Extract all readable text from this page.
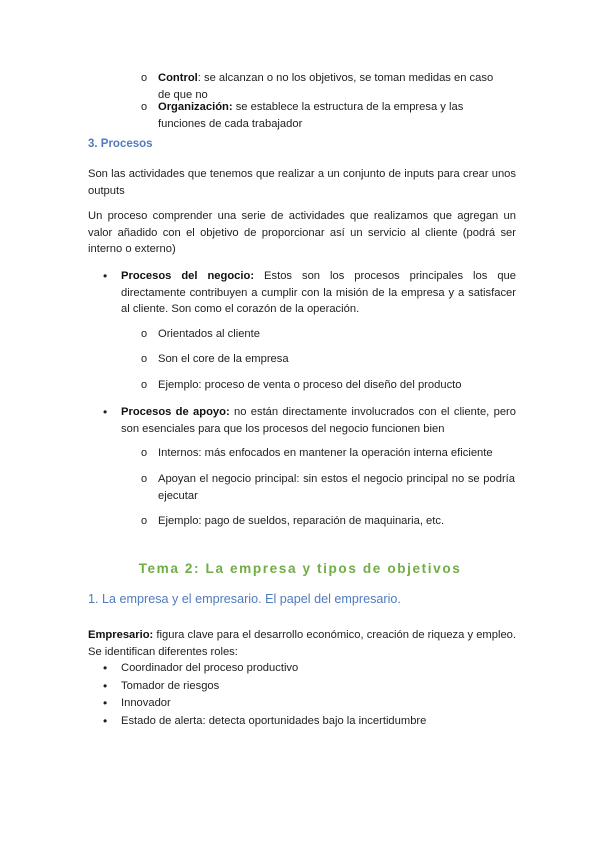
o Control: se alcanzan o no los objetivos, se toman medidas en caso
de que no
o Organización: se establece la estructura de la empresa y las
funciones de cada trabajador
3. Procesos
Son las actividades que tenemos que realizar a un conjunto de inputs para crear unos outputs
Un proceso comprender una serie de actividades que realizamos que agregan un valor añadido con el objetivo de proporcionar así un servicio al cliente (podrá ser interno o externo)
• Procesos del negocio: Estos son los procesos principales los que directamente contribuyen a cumplir con la misión de la empresa y a satisfacer al cliente. Son como el corazón de la operación.
o Orientados al cliente
o Son el core de la empresa
o Ejemplo: proceso de venta o proceso del diseño del producto
• Procesos de apoyo: no están directamente involucrados con el cliente, pero son esenciales para que los procesos del negocio funcionen bien
o Internos: más enfocados en mantener la operación interna eficiente
o Apoyan el negocio principal: sin estos el negocio principal no se podría ejecutar
o Ejemplo: pago de sueldos, reparación de maquinaria, etc.
Tema 2: La empresa y tipos de objetivos
1. La empresa y el empresario. El papel del empresario.
Empresario: figura clave para el desarrollo económico, creación de riqueza y empleo. Se identifican diferentes roles:
• Coordinador del proceso productivo
• Tomador de riesgos
• Innovador
• Estado de alerta: detecta oportunidades bajo la incertidumbre
